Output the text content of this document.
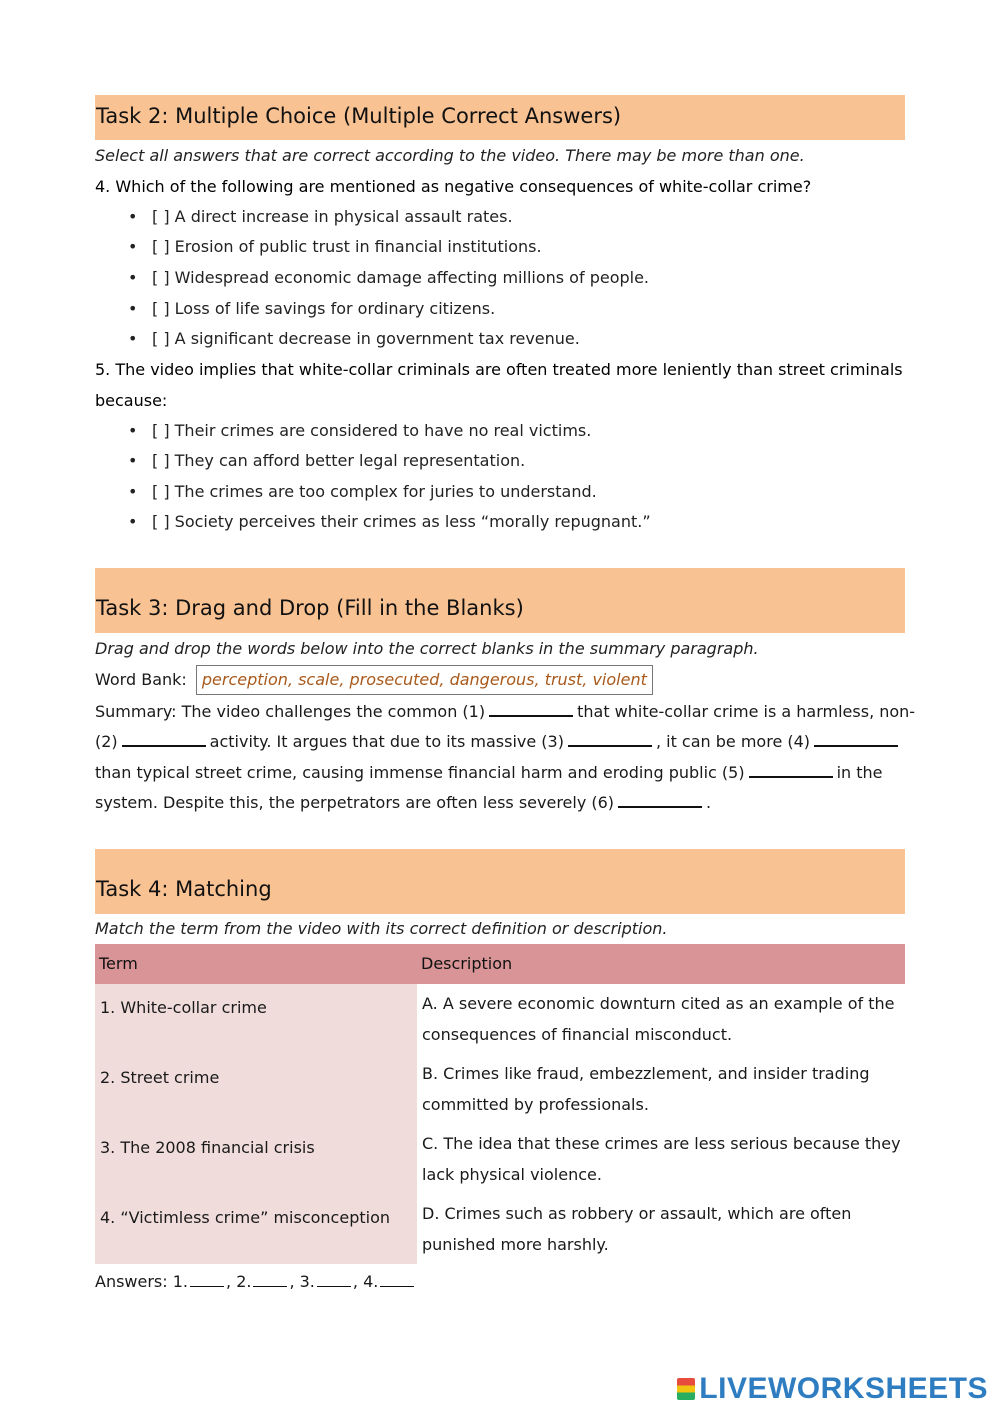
Task 2: Multiple Choice (Multiple Correct Answers)
Select all answers that are correct according to the video. There may be more than one.
4. Which of the following are mentioned as negative consequences of white-collar crime?
• [ ] A direct increase in physical assault rates.
• [ ] Erosion of public trust in financial institutions.
• [ ] Widespread economic damage affecting millions of people.
• [ ] Loss of life savings for ordinary citizens.
• [ ] A significant decrease in government tax revenue.
5. The video implies that white-collar criminals are often treated more leniently than street criminals
because:
• [ ] Their crimes are considered to have no real victims.
• [ ] They can afford better legal representation.
• [ ] The crimes are too complex for juries to understand.
• [ ] Society perceives their crimes as less “morally repugnant.”
Task 3: Drag and Drop (Fill in the Blanks)
Drag and drop the words below into the correct blanks in the summary paragraph.
Word Bank: perception, scale, prosecuted, dangerous, trust, violent
Summary: The video challenges the common (1)	that white-collar crime is a harmless, non-
(2)	activity. It argues that due to its massive (3)	, it can be more (4)
than typical street crime, causing immense financial harm and eroding public (5)	in the
system. Despite this, the perpetrators are often less severely (6)	.
Task 4: Matching
Match the term from the video with its correct definition or description.
Term	Description
1. White-collar crime	A. A severe economic downturn cited as an example of the consequences of financial misconduct.
2. Street crime	B. Crimes like fraud, embezzlement, and insider trading committed by professionals.
3. The 2008 financial crisis	C. The idea that these crimes are less serious because they lack physical violence.
4. “Victimless crime” misconception	D. Crimes such as robbery or assault, which are often punished more harshly.
Answers: 1. , 2. , 3. , 4.
LIVEWORKSHEETS
